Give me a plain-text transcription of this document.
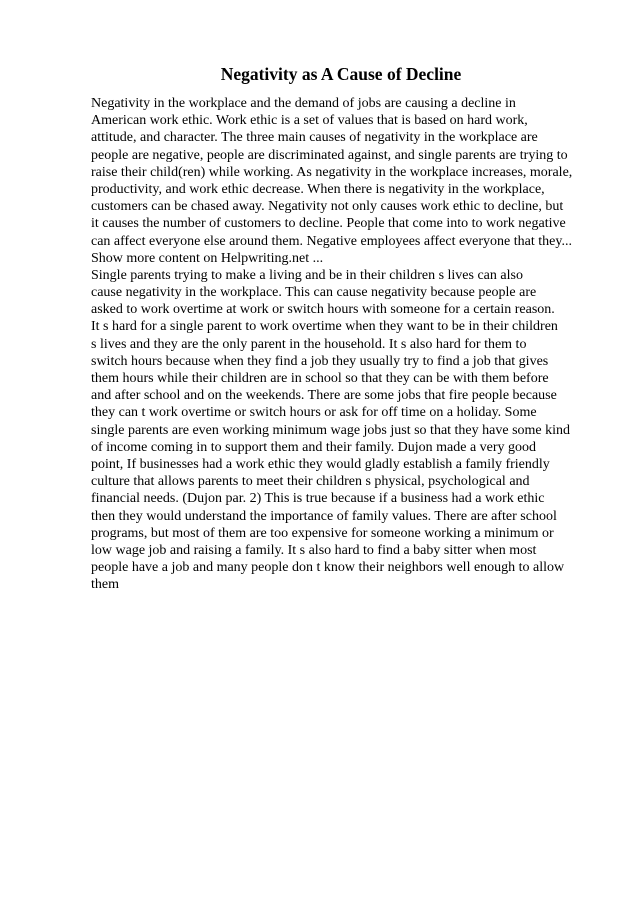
Negativity as A Cause of Decline
Negativity in the workplace and the demand of jobs are causing a decline in
American work ethic. Work ethic is a set of values that is based on hard work,
attitude, and character. The three main causes of negativity in the workplace are
people are negative, people are discriminated against, and single parents are trying to
raise their child(ren) while working. As negativity in the workplace increases, morale,
productivity, and work ethic decrease. When there is negativity in the workplace,
customers can be chased away. Negativity not only causes work ethic to decline, but
it causes the number of customers to decline. People that come into to work negative
can affect everyone else around them. Negative employees affect everyone that they...
Show more content on Helpwriting.net ...
Single parents trying to make a living and be in their children s lives can also
cause negativity in the workplace. This can cause negativity because people are
asked to work overtime at work or switch hours with someone for a certain reason.
It s hard for a single parent to work overtime when they want to be in their children
s lives and they are the only parent in the household. It s also hard for them to
switch hours because when they find a job they usually try to find a job that gives
them hours while their children are in school so that they can be with them before
and after school and on the weekends. There are some jobs that fire people because
they can t work overtime or switch hours or ask for off time on a holiday. Some
single parents are even working minimum wage jobs just so that they have some kind
of income coming in to support them and their family. Dujon made a very good
point, If businesses had a work ethic they would gladly establish a family friendly
culture that allows parents to meet their children s physical, psychological and
financial needs. (Dujon par. 2) This is true because if a business had a work ethic
then they would understand the importance of family values. There are after school
programs, but most of them are too expensive for someone working a minimum or
low wage job and raising a family. It s also hard to find a baby sitter when most
people have a job and many people don t know their neighbors well enough to allow
them
